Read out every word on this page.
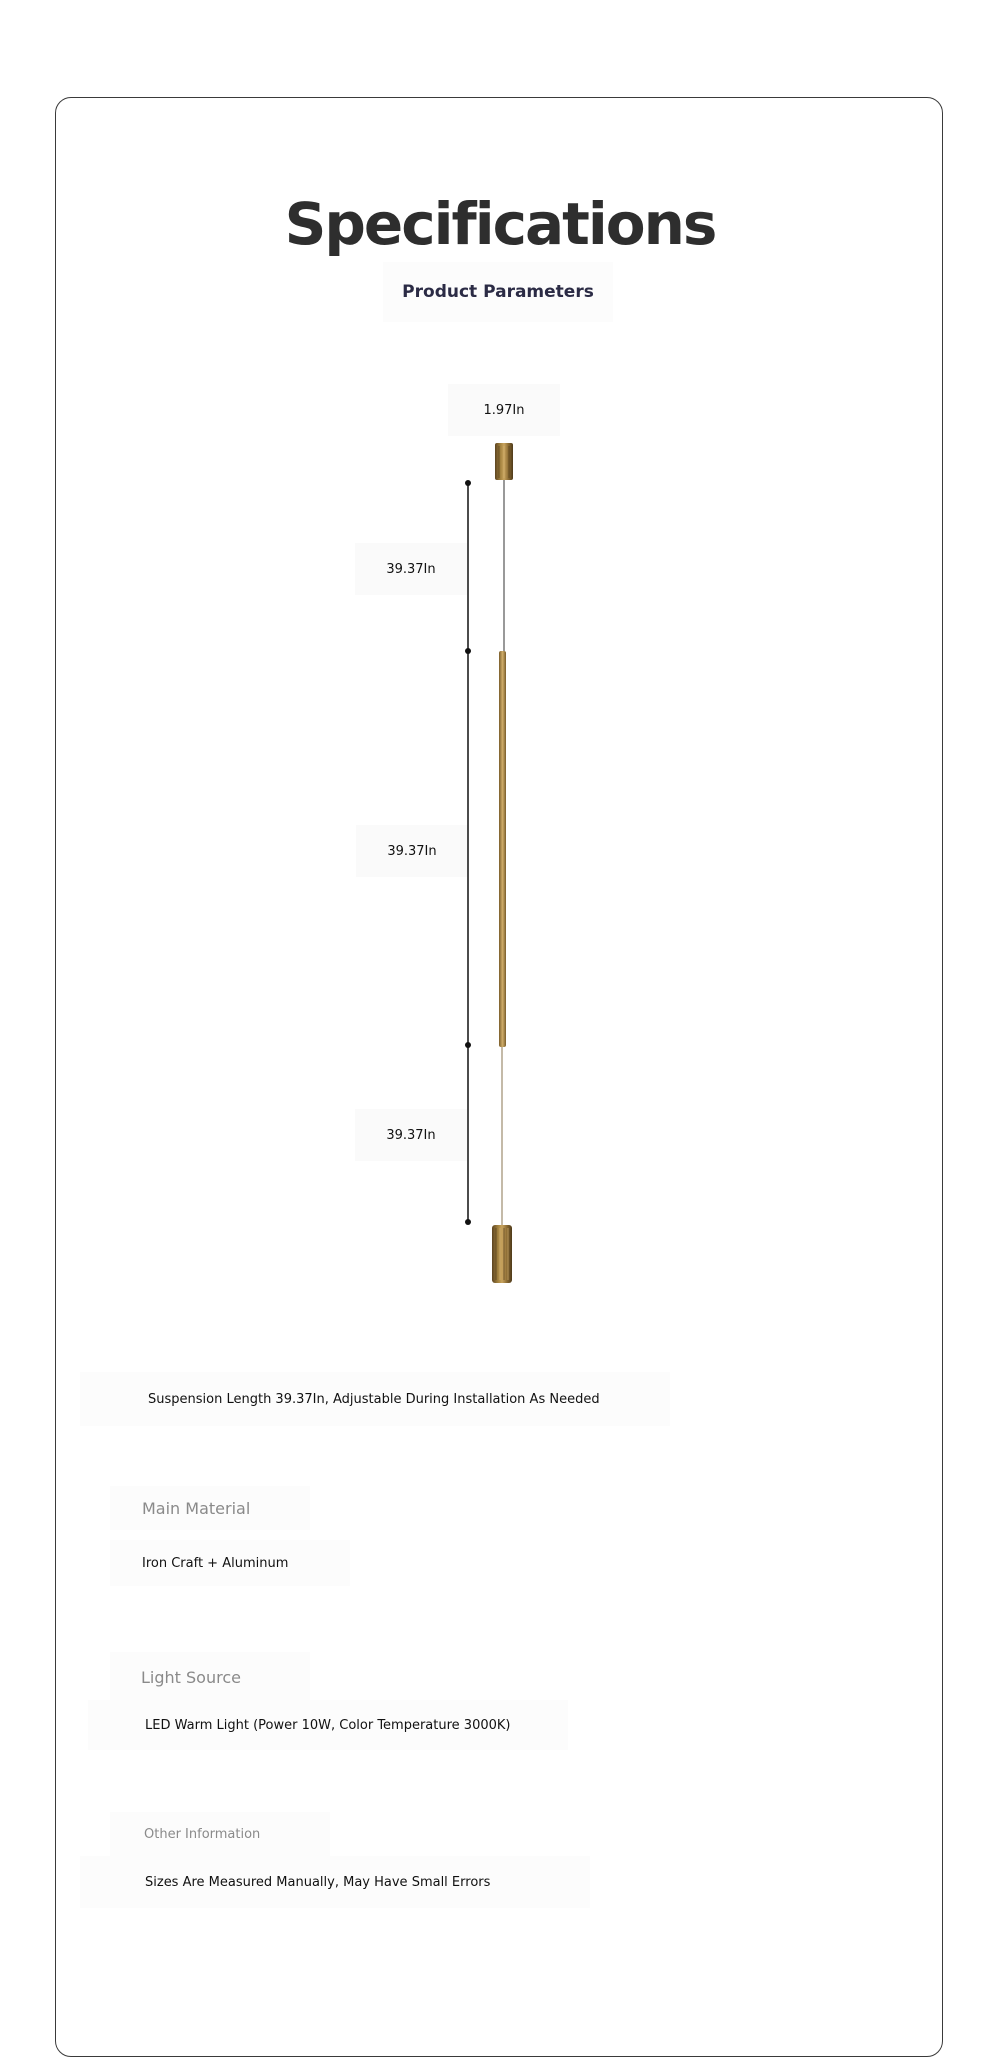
Specifications
Product Parameters
1.97In
39.37In
39.37In
39.37In
Suspension Length 39.37In, Adjustable During Installation As Needed
Main Material
Iron Craft + Aluminum
Light Source
LED Warm Light (Power 10W, Color Temperature 3000K)
Other Information
Sizes Are Measured Manually, May Have Small Errors
